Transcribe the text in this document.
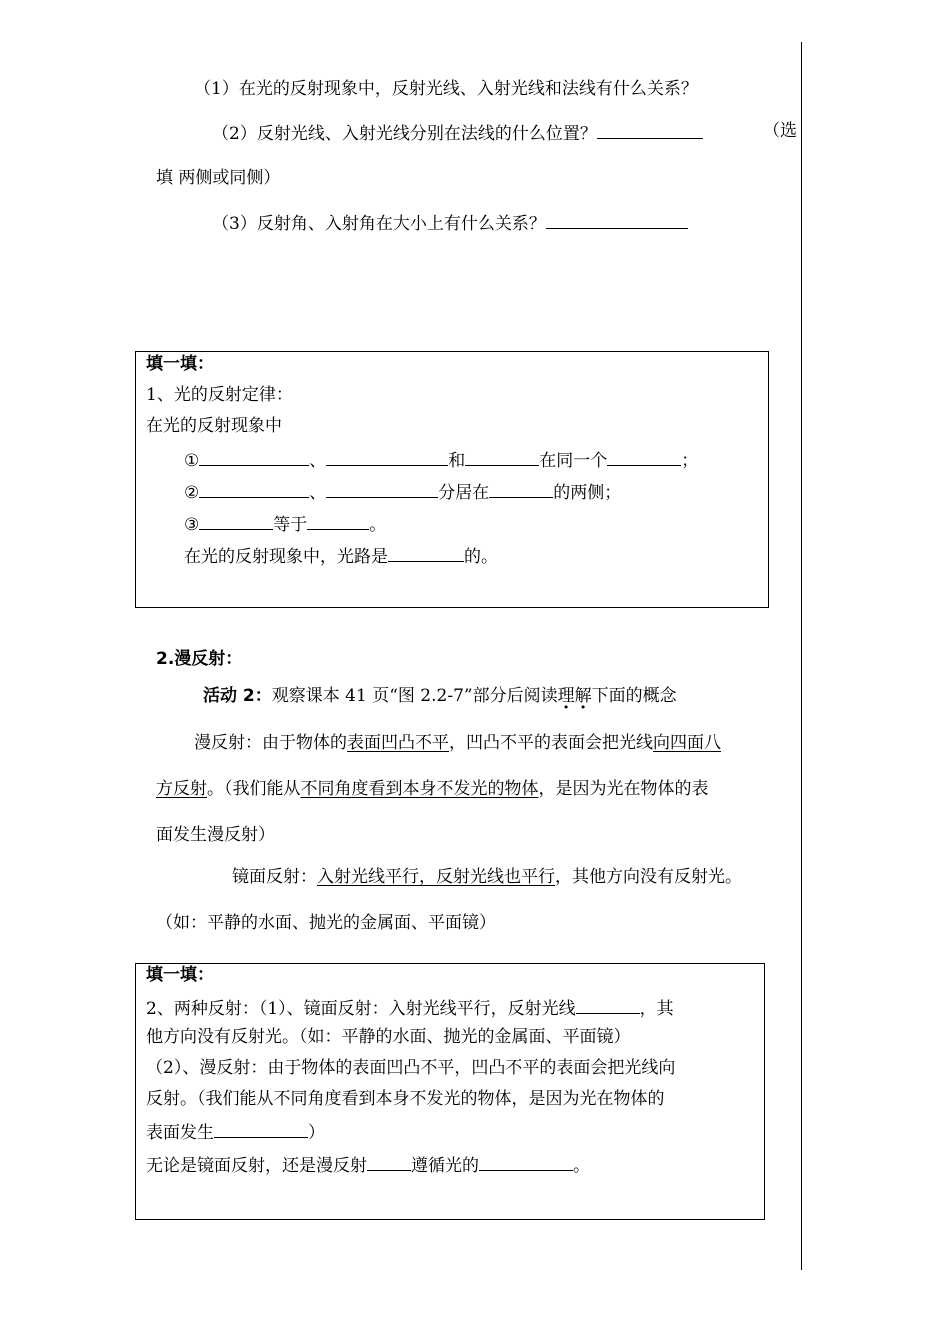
（1）在光的反射现象中，反射光线、入射光线和法线有什么关系？
（2）反射光线、入射光线分别在法线的什么位置？	（选
填 两侧或同侧）
（3）反射角、入射角在大小上有什么关系？
填一填：
1、光的反射定律：
在光的反射现象中
①	、	和	在同一个	；
②	、	分居在	的两侧；
③	等于	。
在光的反射现象中，光路是	的。
2.漫反射：
活动 2：观察课本 41 页“图 2.2-7”部分后阅读理解下面的概念
漫反射：由于物体的表面凹凸不平，凹凸不平的表面会把光线向四面八
方反射。（我们能从不同角度看到本身不发光的物体，是因为光在物体的表
面发生漫反射）
镜面反射：入射光线平行，反射光线也平行，其他方向没有反射光。
（如：平静的水面、抛光的金属面、平面镜）
填一填：
2、两种反射：（1）、镜面反射：入射光线平行，反射光线	，其
他方向没有反射光。（如：平静的水面、抛光的金属面、平面镜）
（2）、漫反射：由于物体的表面凹凸不平，凹凸不平的表面会把光线向
反射。（我们能从不同角度看到本身不发光的物体，是因为光在物体的
表面发生	）
无论是镜面反射，还是漫反射	遵循光的	。
